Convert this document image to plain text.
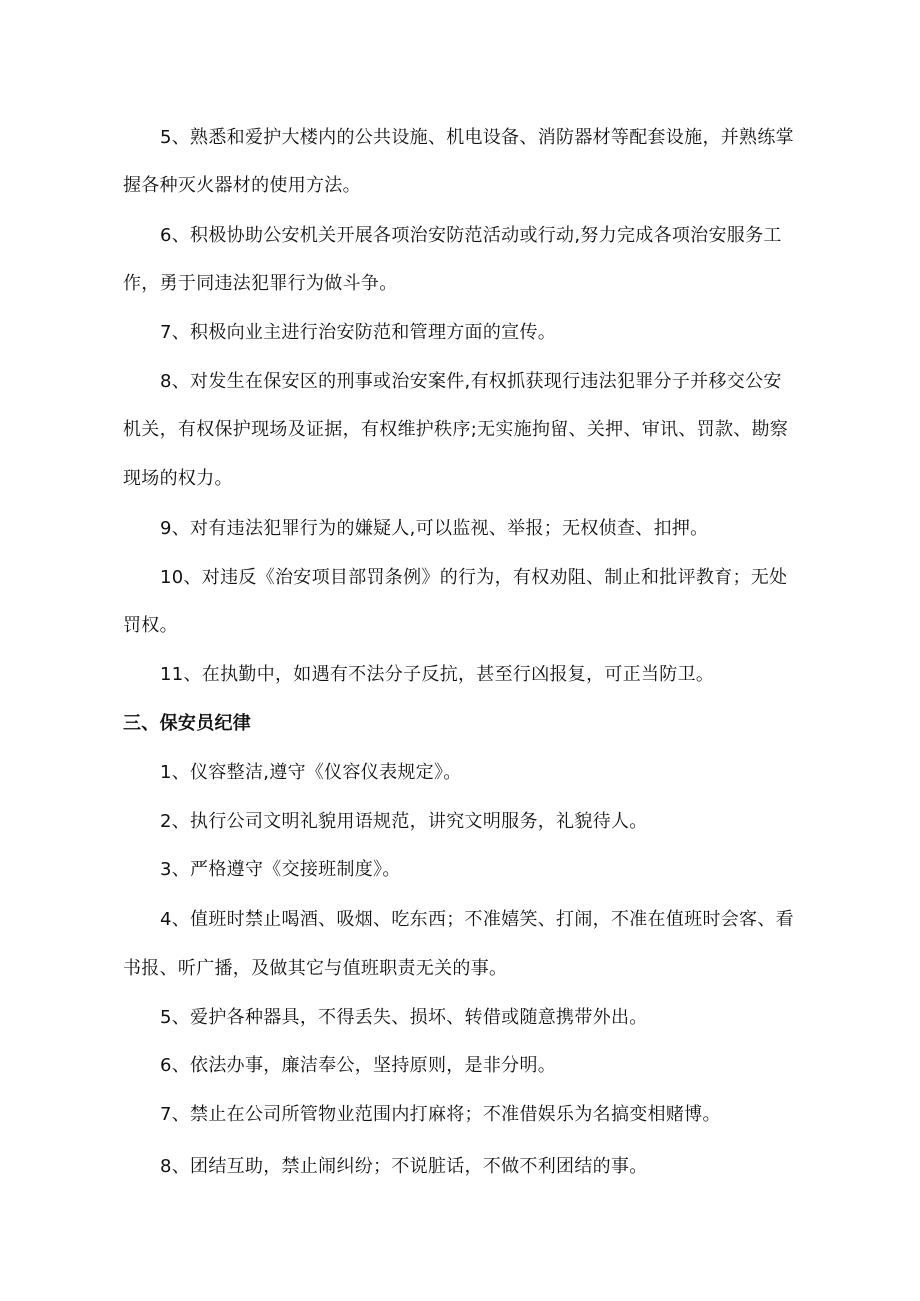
5、熟悉和爱护大楼内的公共设施、机电设备、消防器材等配套设施，并熟练掌
握各种灭火器材的使用方法。
6、积极协助公安机关开展各项治安防范活动或行动,努力完成各项治安服务工
作，勇于同违法犯罪行为做斗争。
7、积极向业主进行治安防范和管理方面的宣传。
8、对发生在保安区的刑事或治安案件,有权抓获现行违法犯罪分子并移交公安
机关，有权保护现场及证据，有权维护秩序;无实施拘留、关押、审讯、罚款、勘察
现场的权力。
9、对有违法犯罪行为的嫌疑人,可以监视、举报；无权侦查、扣押。
10、对违反《治安项目部罚条例》的行为，有权劝阻、制止和批评教育；无处
罚权。
11、在执勤中，如遇有不法分子反抗，甚至行凶报复，可正当防卫。
三、保安员纪律
1、仪容整洁,遵守《仪容仪表规定》。
2、执行公司文明礼貌用语规范，讲究文明服务，礼貌待人。
3、严格遵守《交接班制度》。
4、值班时禁止喝酒、吸烟、吃东西；不准嬉笑、打闹，不准在值班时会客、看
书报、听广播，及做其它与值班职责无关的事。
5、爱护各种器具，不得丢失、损坏、转借或随意携带外出。
6、依法办事，廉洁奉公，坚持原则，是非分明。
7、禁止在公司所管物业范围内打麻将；不准借娱乐为名搞变相赌博。
8、团结互助，禁止闹纠纷；不说脏话，不做不利团结的事。
